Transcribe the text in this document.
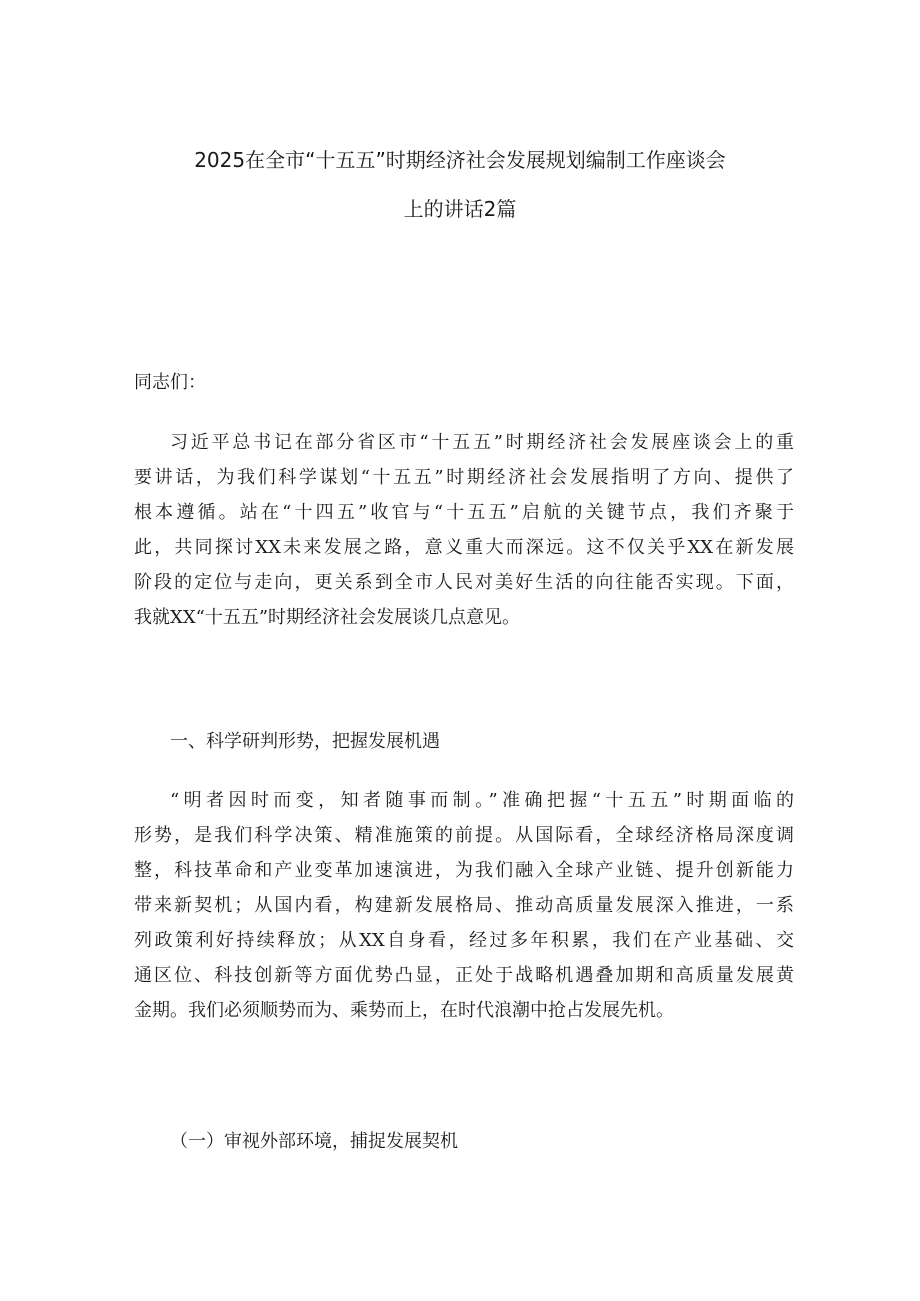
2025在全市“十五五”时期经济社会发展规划编制工作座谈会
上的讲话2篇

同志们：

习近平总书记在部分省区市“十五五”时期经济社会发展座谈会上的重
要讲话，为我们科学谋划“十五五”时期经济社会发展指明了方向、提供了
根本遵循。站在“十四五”收官与“十五五”启航的关键节点，我们齐聚于
此，共同探讨XX未来发展之路，意义重大而深远。这不仅关乎XX在新发展
阶段的定位与走向，更关系到全市人民对美好生活的向往能否实现。下面，
我就XX“十五五”时期经济社会发展谈几点意见。

一、科学研判形势，把握发展机遇

“明者因时而变，知者随事而制。”准确把握“十五五”时期面临的
形势，是我们科学决策、精准施策的前提。从国际看，全球经济格局深度调
整，科技革命和产业变革加速演进，为我们融入全球产业链、提升创新能力
带来新契机；从国内看，构建新发展格局、推动高质量发展深入推进，一系
列政策利好持续释放；从XX自身看，经过多年积累，我们在产业基础、交
通区位、科技创新等方面优势凸显，正处于战略机遇叠加期和高质量发展黄
金期。我们必须顺势而为、乘势而上，在时代浪潮中抢占发展先机。

（一）审视外部环境，捕捉发展契机
